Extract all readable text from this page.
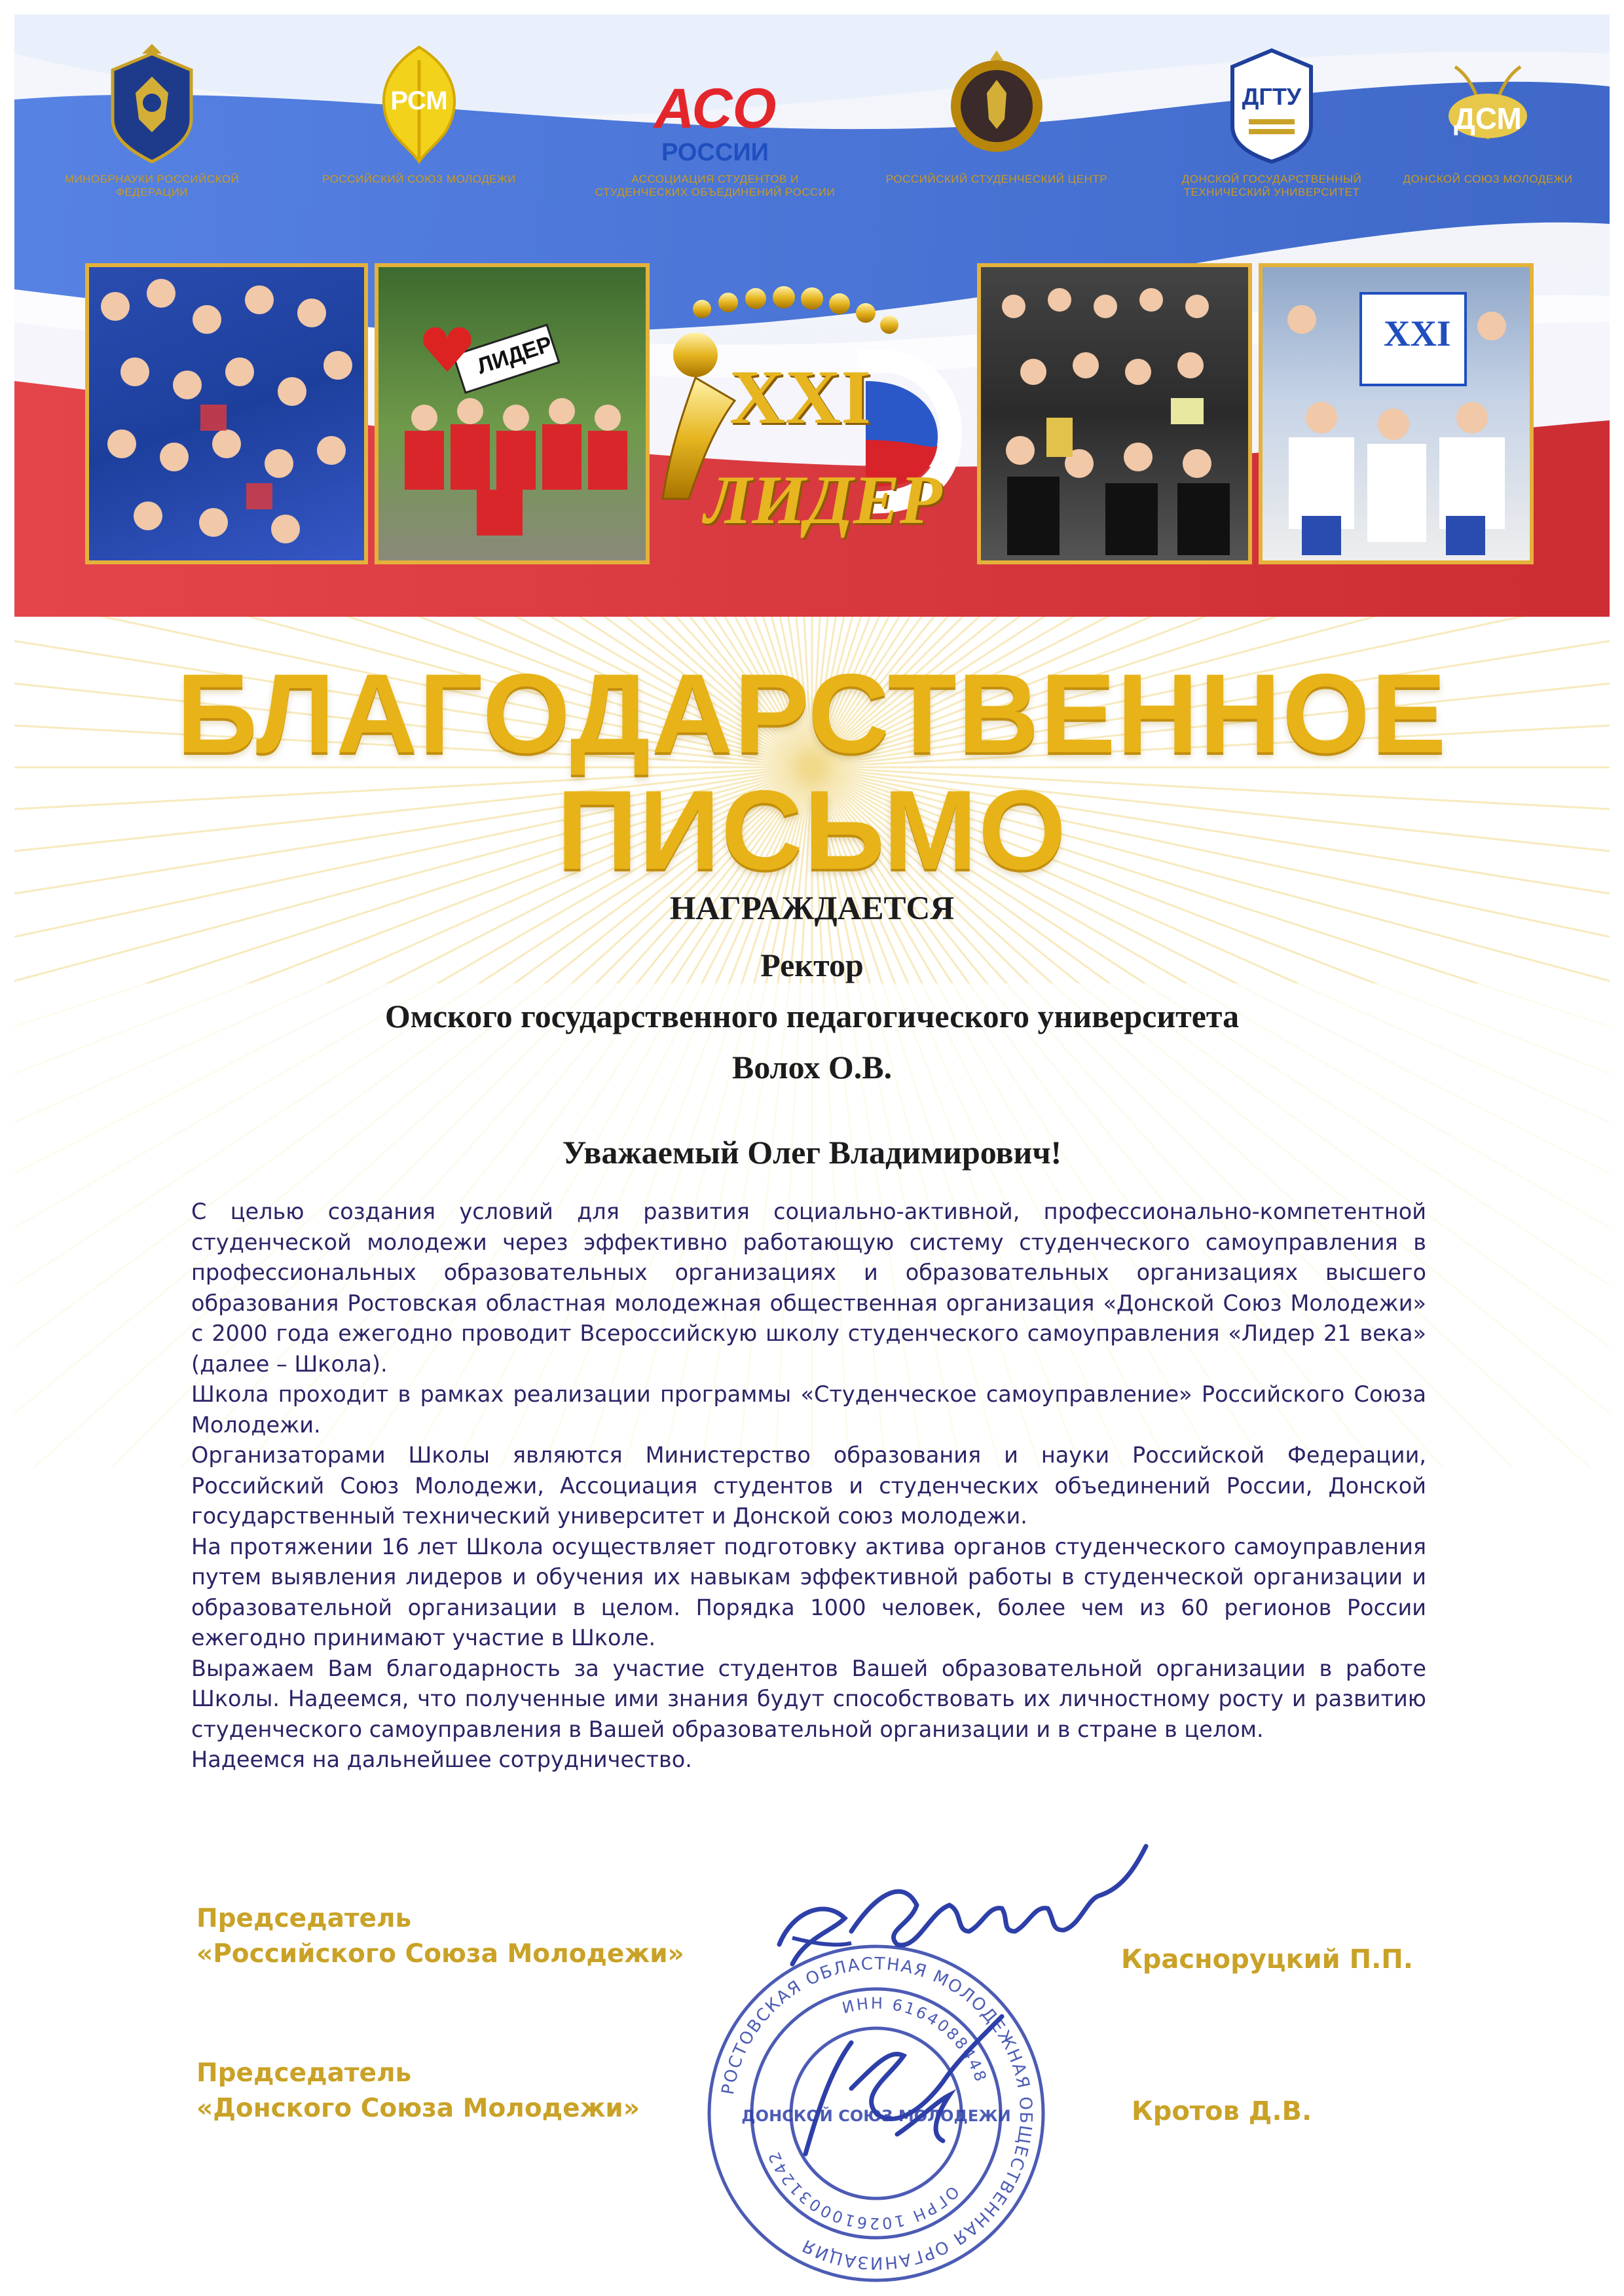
МИНОБРНАУКИ РОССИЙСКОЙ ФЕДЕРАЦИИ
РСМ
РОССИЙСКИЙ СОЮЗ МОЛОДЕЖИ
АСО
РОССИИ
АССОЦИАЦИЯ СТУДЕНТОВ И СТУДЕНЧЕСКИХ ОБЪЕДИНЕНИЙ РОССИИ
РОССИЙСКИЙ СТУДЕНЧЕСКИЙ ЦЕНТР
ДГТУ
ДОНСКОЙ ГОСУДАРСТВЕННЫЙ ТЕХНИЧЕСКИЙ УНИВЕРСИТЕТ
ДСМ
ДОНСКОЙ СОЮЗ МОЛОДЕЖИ
ЛИДЕР	XXI
XXI
ЛИДЕР
БЛАГОДАРСТВЕННОЕ
ПИСЬМО
НАГРАЖДАЕТСЯ
Ректор
Омского государственного педагогического университета
Волох О.В.
Уважаемый Олег Владимирович!

С целью создания условий для развития социально-активной, профессионально-компетентной студенческой молодежи через эффективно работающую систему студенческого самоуправления в профессиональных образовательных организациях и образовательных организациях высшего образования Ростовская областная молодежная общественная организация «Донской Союз Молодежи» с 2000 года ежегодно проводит Всероссийскую школу студенческого самоуправления «Лидер 21 века» (далее – Школа).

Школа проходит в рамках реализации программы «Студенческое самоуправление» Российского Союза Молодежи.

Организаторами Школы являются Министерство образования и науки Российской Федерации, Российский Союз Молодежи, Ассоциация студентов и студенческих объединений России, Донской государственный технический университет и Донской союз молодежи.

На протяжении 16 лет Школа осуществляет подготовку актива органов студенческого самоуправления путем выявления лидеров и обучения их навыкам эффективной работы в студенческой организации и образовательной организации в целом. Порядка 1000 человек, более чем из 60 регионов России ежегодно принимают участие в Школе.

Выражаем Вам благодарность за участие студентов Вашей образовательной организации в работе Школы. Надеемся, что полученные ими знания будут способствовать их личностному росту и развитию студенческого самоуправления в Вашей образовательной организации и в стране в целом.

Надеемся на дальнейшее сотрудничество.

РОСТОВСКАЯ ОБЛАСТНАЯ МОЛОДЕЖНАЯ ОБЩЕСТВЕННАЯ ОРГАНИЗАЦИЯ
ИНН 6164088448
ОГРН 1026100031242
ДОНСКОЙ СОЮЗ МОЛОДЕЖИ
Председатель
«Российского Союза Молодежи»	Красноруцкий П.П.
Председатель
«Донского Союза Молодежи»	Кротов Д.В.
